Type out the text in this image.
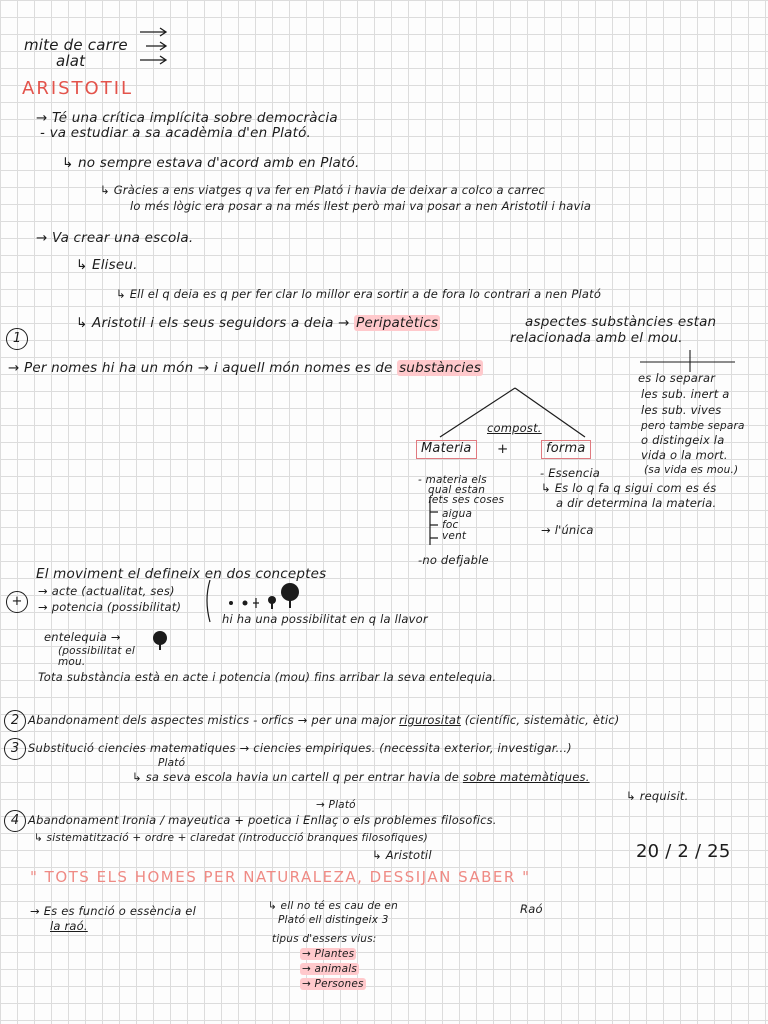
mite de carre
alat
ARISTOTIL
→ Té una crítica implícita sobre democràcia
- va estudiar a sa acadèmia d'en Plató.
↳ no sempre estava d'acord amb en Plató.
↳ Gràcies a ens viatges q va fer en Plató i havia de deixar a colco a carrec
lo més lògic era posar a na més llest però mai va posar a nen Aristotil i havia
→ Va crear una escola.
↳ Eliseu.
↳ Ell el q deia es q per fer clar lo millor era sortir a de fora lo contrari a nen Plató
↳ Aristotil i els seus seguidors a deia → Peripatètics	aspectes substàncies estan
relacionada amb el mou.
1
→ Per nomes hi ha un món → i aquell món nomes es de substàncies
es lo separar
les sub. inert a
les sub. vives
pero tambe separa
o distingeix la
vida o la mort.
(sa vida es mou.)
compost.
Materia	+	forma
- materia els
qual estan
fets ses coses
aigua
foc
vent
-no defjable
- Essencia
↳ Es lo q fa q sigui com es és
a dir determina la materia.
→ l'única
+
El moviment el defineix en dos conceptes
→ acte (actualitat, ses)
→ potencia (possibilitat)
hi ha una possibilitat en q la llavor
entelequia →
(possibilitat el
mou.
Tota substància està en acte i potencia (mou) fins arribar la seva entelequia.
2 Abandonament dels aspectes mistics - orfics → per una major rigurositat (científic, sistemàtic, ètic)
3 Substitució ciencies matematiques → ciencies empiriques. (necessita exterior, investigar...)
Plató
↳ sa seva escola havia un cartell q per entrar havia de sobre matemàtiques.
↳ requisit.
4
→ Plató
Abandonament Ironia / mayeutica + poetica i Enllaç o els problemes filosofics.
↳ sistematització + ordre + claredat (introducció branques filosofiques)
↳ Aristotil	20 / 2 / 25
" TOTS ELS HOMES PER NATURALEZA, DESSIJAN SABER "
Raó
→ Es es funció o essència el
la raó.
↳ ell no té es cau de en
Plató ell distingeix 3
tipus d'essers vius:
→ Plantes
→ animals
→ Persones
